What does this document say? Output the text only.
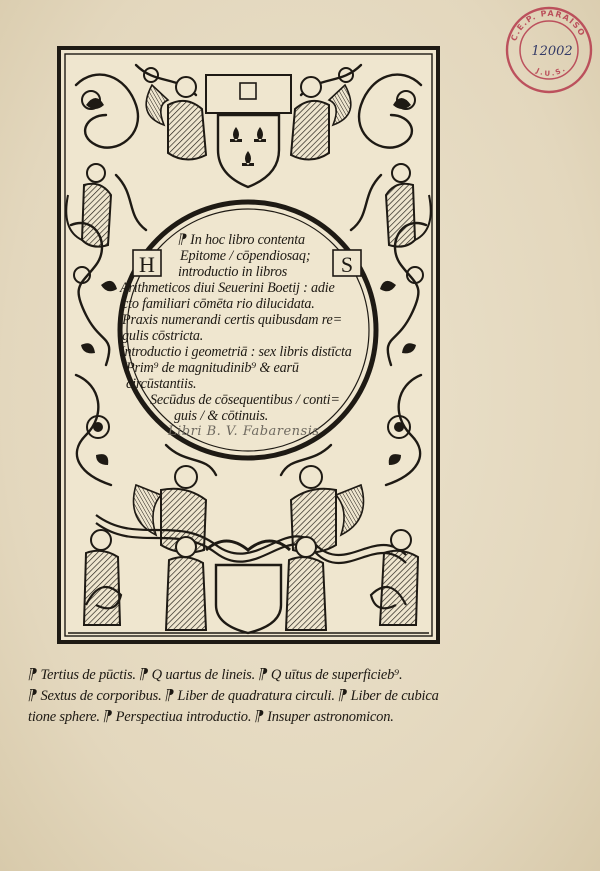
C.E.P. PARAISO
J.U.S.
12002
H	S
⁋ In hoc libro contenta
Epitome / cōpendiosaq;
introductio in libros
Arithmeticos diui Seuerini Boetij : adie
cto familiari cōmēta rio dilucidata.
Praxis numerandi certis quibusdam re=
gulis cōstricta.
Introductio i geometriā : sex libris distīcta
Prim⁹ de magnitudinib⁹ & earū
circūstantiis.
Secūdus de cōsequentibus / conti=
guis / & cōtinuis.
Libri B. V. Fabarensis
⁋ Tertius de pūctis. ⁋ Q uartus de lineis. ⁋ Q uītus de superficieb⁹.
⁋ Sextus de corporibus. ⁋ Liber de quadratura circuli. ⁋ Liber de cubica
tione sphere. ⁋ Perspectiua introductio. ⁋ Insuper astronomicon.
